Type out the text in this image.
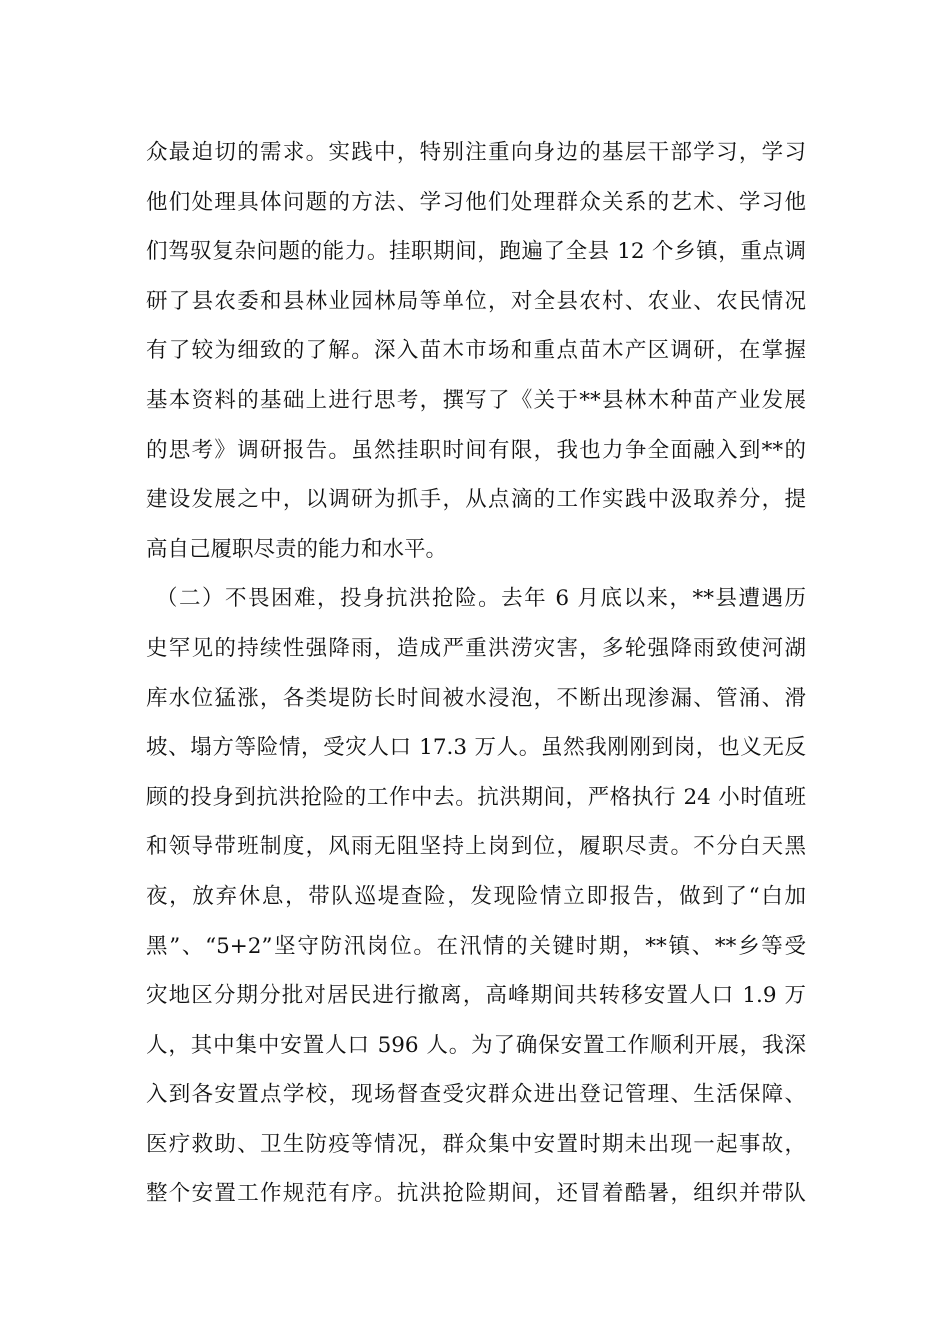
众最迫切的需求。实践中，特别注重向身边的基层干部学习，学习
他们处理具体问题的方法、学习他们处理群众关系的艺术、学习他
们驾驭复杂问题的能力。挂职期间，跑遍了全县 12 个乡镇，重点调
研了县农委和县林业园林局等单位，对全县农村、农业、农民情况
有了较为细致的了解。深入苗木市场和重点苗木产区调研，在掌握
基本资料的基础上进行思考，撰写了《关于**县林木种苗产业发展
的思考》调研报告。虽然挂职时间有限，我也力争全面融入到**的
建设发展之中，以调研为抓手，从点滴的工作实践中汲取养分，提
高自己履职尽责的能力和水平。
（二）不畏困难，投身抗洪抢险。去年 6 月底以来，**县遭遇历
史罕见的持续性强降雨，造成严重洪涝灾害，多轮强降雨致使河湖
库水位猛涨，各类堤防长时间被水浸泡，不断出现渗漏、管涌、滑
坡、塌方等险情，受灾人口 17.3 万人。虽然我刚刚到岗，也义无反
顾的投身到抗洪抢险的工作中去。抗洪期间，严格执行 24 小时值班
和领导带班制度，风雨无阻坚持上岗到位，履职尽责。不分白天黑
夜，放弃休息，带队巡堤查险，发现险情立即报告，做到了“白加
黑”、“5+2”坚守防汛岗位。在汛情的关键时期，**镇、**乡等受
灾地区分期分批对居民进行撤离，高峰期间共转移安置人口 1.9 万
人，其中集中安置人口 596 人。为了确保安置工作顺利开展，我深
入到各安置点学校，现场督查受灾群众进出登记管理、生活保障、
医疗救助、卫生防疫等情况，群众集中安置时期未出现一起事故，
整个安置工作规范有序。抗洪抢险期间，还冒着酷暑，组织并带队
